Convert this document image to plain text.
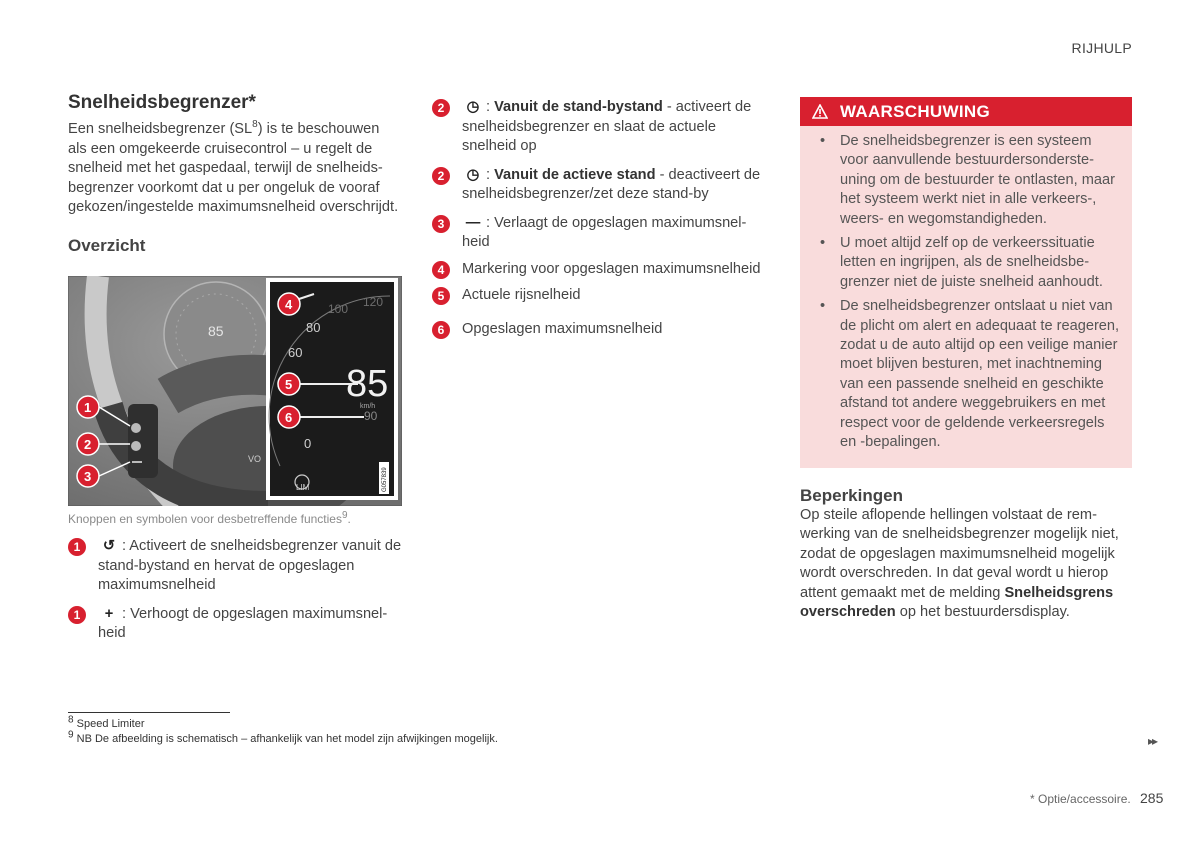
RIJHULP
Snelheidsbegrenzer*

Een snelheidsbegrenzer $(SL^8)$ is te beschouwen als een omgekeerde cruisecontrol – u regelt de snelheid met het gaspedaal, terwijl de snelheidsbegrenzer voorkomt dat u per ongeluk de vooraf gekozen/ingestelde maximumsnelheid overschrijdt.

Overzicht
85
VO
100 120
80
60
90
0
85
km/h
LIM	G057839
1
2
3
4
5
6
Knoppen en symbolen voor desbetreffende functies$^9$.
1	↺ : Activeert de snelheidsbegrenzer vanuit de stand-bystand en hervat de opgeslagen maximumsnelheid
1	+ : Verhoogt de opgeslagen maximumsnelheid
2	◷ : Vanuit de stand-bystand - activeert de snelheidsbegrenzer en slaat de actuele snelheid op
2	◷ : Vanuit de actieve stand - deactiveert de snelheidsbegrenzer/zet deze stand-by
3	— : Verlaagt de opgeslagen maximumsnelheid
4	Markering voor opgeslagen maximumsnelheid
5	Actuele rijsnelheid
6	Opgeslagen maximumsnelheid
WAARSCHUWING
• De snelheidsbegrenzer is een systeem voor aanvullende bestuurdersondersteuning om de bestuurder te ontlasten, maar het systeem werkt niet in alle verkeers-, weers- en wegomstandigheden.
• U moet altijd zelf op de verkeerssituatie letten en ingrijpen, als de snelheidsbegrenzer niet de juiste snelheid aanhoudt.
• De snelheidsbegrenzer ontslaat u niet van de plicht om alert en adequaat te reageren, zodat u de auto altijd op een veilige manier moet blijven besturen, met inachtneming van een passende snelheid en geschikte afstand tot andere weggebruikers en met respect voor de geldende verkeersregels en -bepalingen.
Beperkingen

Op steile aflopende hellingen volstaat de remwerking van de snelheidsbegrenzer mogelijk niet, zodat de opgeslagen maximumsnelheid mogelijk wordt overschreden. In dat geval wordt u hierop attent gemaakt met de melding Snelheidsgrens overschreden op het bestuurdersdisplay.

$^8$ Speed Limiter
$^9$ NB De afbeelding is schematisch – afhankelijk van het model zijn afwijkingen mogelijk.	▸▸
* Optie/accessoire. 285
